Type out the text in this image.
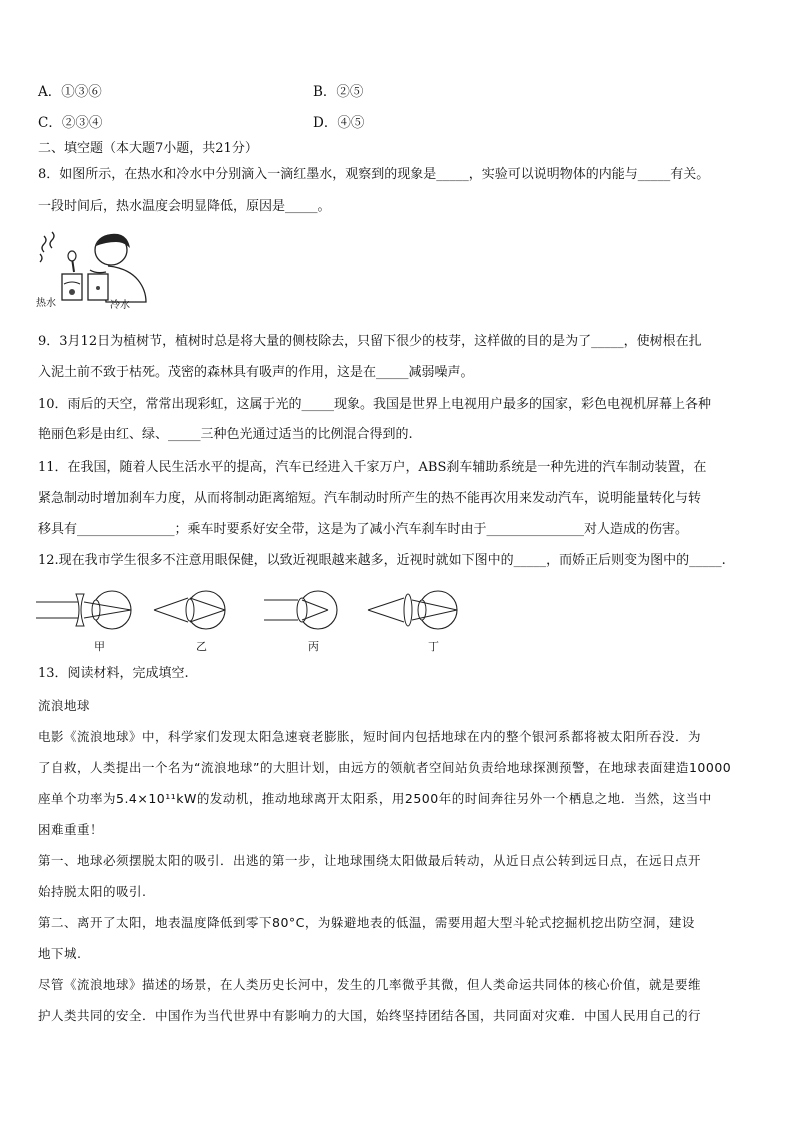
A．①③⑥	B．②⑤
C．②③④	D．④⑤
二、填空题（本大题7小题，共21分）
8．如图所示，在热水和冷水中分别滴入一滴红墨水，观察到的现象是_____，实验可以说明物体的内能与_____有关。
一段时间后，热水温度会明显降低，原因是_____。
热水	冷水
9．3月12日为植树节，植树时总是将大量的侧枝除去，只留下很少的枝芽，这样做的目的是为了_____，使树根在扎
入泥土前不致于枯死。茂密的森林具有吸声的作用，这是在_____减弱噪声。
10．雨后的天空，常常出现彩虹，这属于光的_____现象。我国是世界上电视用户最多的国家，彩色电视机屏幕上各种
艳丽色彩是由红、绿、_____三种色光通过适当的比例混合得到的.
11．在我国，随着人民生活水平的提高，汽车已经进入千家万户，ABS刹车辅助系统是一种先进的汽车制动装置，在
紧急制动时增加刹车力度，从而将制动距离缩短。汽车制动时所产生的热不能再次用来发动汽车，说明能量转化与转
移具有_______________；乘车时要系好安全带，这是为了减小汽车刹车时由于_______________对人造成的伤害。
12.现在我市学生很多不注意用眼保健，以致近视眼越来越多，近视时就如下图中的_____，而娇正后则变为图中的_____.
甲	乙	丙	丁
13．阅读材料，完成填空.
流浪地球
电影《流浪地球》中，科学家们发现太阳急速衰老膨胀，短时间内包括地球在内的整个银河系都将被太阳所吞没．为
了自救，人类提出一个名为“流浪地球”的大胆计划，由远方的领航者空间站负责给地球探测预警，在地球表面建造10000
座单个功率为5.4×10¹¹kW的发动机，推动地球离开太阳系，用2500年的时间奔往另外一个栖息之地．当然，这当中
困难重重！
第一、地球必须摆脱太阳的吸引．出逃的第一步，让地球围绕太阳做最后转动，从近日点公转到远日点，在远日点开
始持脱太阳的吸引.
第二、离开了太阳，地表温度降低到零下80°C，为躲避地表的低温，需要用超大型斗轮式挖掘机挖出防空洞，建设
地下城.
尽管《流浪地球》描述的场景，在人类历史长河中，发生的几率微乎其微，但人类命运共同体的核心价值，就是要维
护人类共同的安全．中国作为当代世界中有影响力的大国，始终坚持团结各国，共同面对灾难．中国人民用自己的行
